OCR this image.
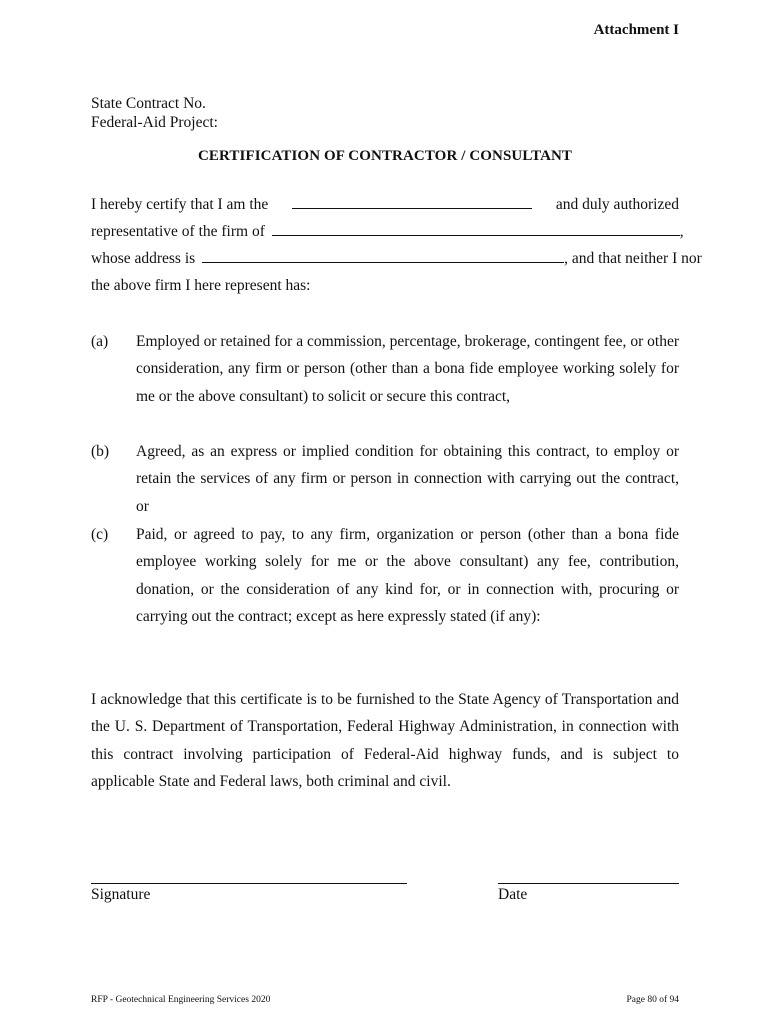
Attachment I
State Contract No.
Federal-Aid Project:
CERTIFICATION OF CONTRACTOR / CONSULTANT
I hereby certify that I am the	and duly authorized
representative of the firm of	,
whose address is	, and that neither I nor
the above firm I here represent has:
(a) Employed or retained for a commission, percentage, brokerage, contingent fee, or other consideration, any firm or person (other than a bona fide employee working solely for me or the above consultant) to solicit or secure this contract,
(b) Agreed, as an express or implied condition for obtaining this contract, to employ or retain the services of any firm or person in connection with carrying out the contract, or
(c) Paid, or agreed to pay, to any firm, organization or person (other than a bona fide employee working solely for me or the above consultant) any fee, contribution, donation, or the consideration of any kind for, or in connection with, procuring or carrying out the contract; except as here expressly stated (if any):
I acknowledge that this certificate is to be furnished to the State Agency of Transportation and the U. S. Department of Transportation, Federal Highway Administration, in connection with this contract involving participation of Federal-Aid highway funds, and is subject to applicable State and Federal laws, both criminal and civil.
Signature	Date
RFP - Geotechnical Engineering Services 2020	Page 80 of 94
